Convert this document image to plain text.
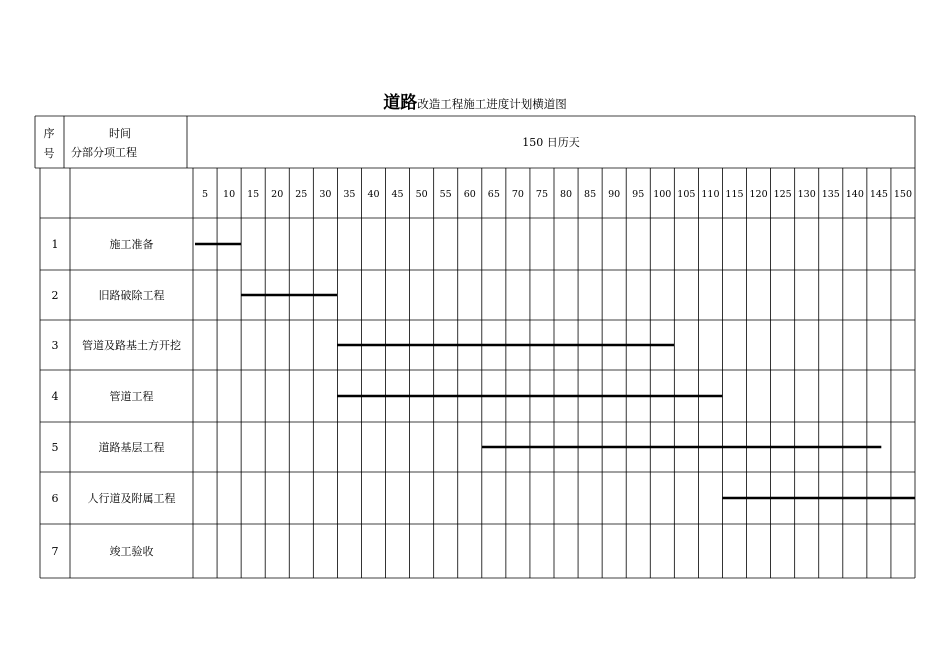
道路改造工程施工进度计划横道图
序
号
时间
分部分项工程
150 日历天
5 10 15 20 25 30 35 40 45 50 55 60 65 70 75 80 85 90 95 100 105 110 115 120 125 130 135 140 145 150
1	施工准备
2	旧路破除工程
3 管道及路基土方开挖
4	管道工程
5	道路基层工程
6	人行道及附属工程
7	竣工验收
